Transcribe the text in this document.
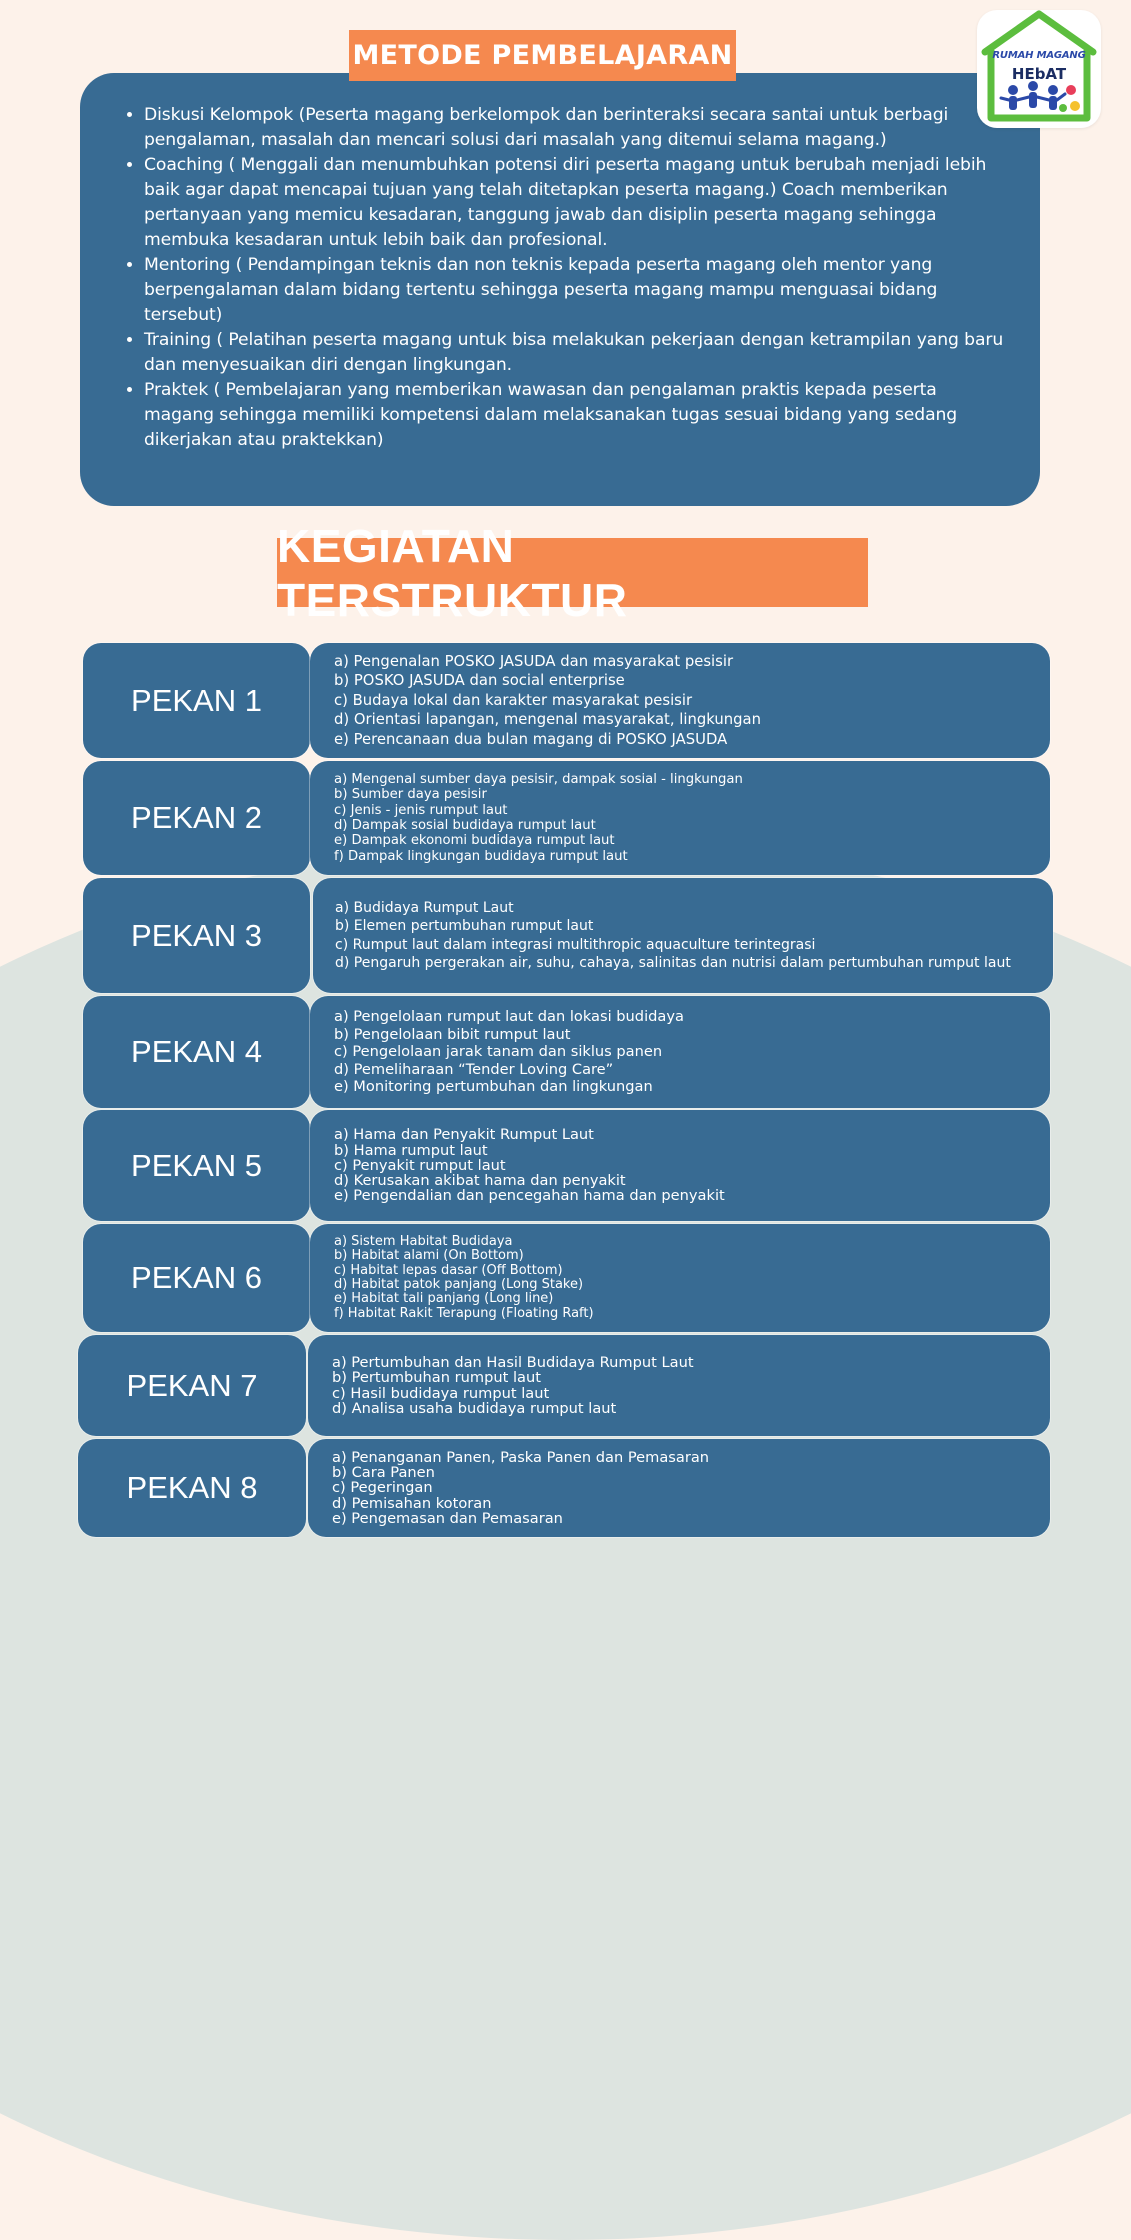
RUMAH MAGANG
HEbAT
METODE PEMBELAJARAN
• Diskusi Kelompok (Peserta magang berkelompok dan berinteraksi secara santai untuk berbagi pengalaman, masalah dan mencari solusi dari masalah yang ditemui selama magang.)
• Coaching ( Menggali dan menumbuhkan potensi diri peserta magang untuk berubah menjadi lebih baik agar dapat mencapai tujuan yang telah ditetapkan peserta magang.) Coach memberikan pertanyaan yang memicu kesadaran, tanggung jawab dan disiplin peserta magang sehingga membuka kesadaran untuk lebih baik dan profesional.
• Mentoring ( Pendampingan teknis dan non teknis kepada peserta magang oleh mentor yang berpengalaman dalam bidang tertentu sehingga peserta magang mampu menguasai bidang tersebut)
• Training ( Pelatihan peserta magang untuk bisa melakukan pekerjaan dengan ketrampilan yang baru dan menyesuaikan diri dengan lingkungan.
• Praktek ( Pembelajaran yang memberikan wawasan dan pengalaman praktis kepada peserta magang sehingga memiliki kompetensi dalam melaksanakan tugas sesuai bidang yang sedang dikerjakan atau praktekkan)
KEGIATAN TERSTRUKTUR
PEKAN 1
a) Pengenalan POSKO JASUDA dan masyarakat pesisir
b) POSKO JASUDA dan social enterprise
c) Budaya lokal dan karakter masyarakat pesisir
d) Orientasi lapangan, mengenal masyarakat, lingkungan
e) Perencanaan dua bulan magang di POSKO JASUDA
PEKAN 2
a) Mengenal sumber daya pesisir, dampak sosial - lingkungan
b) Sumber daya pesisir
c) Jenis - jenis rumput laut
d) Dampak sosial budidaya rumput laut
e) Dampak ekonomi budidaya rumput laut
f) Dampak lingkungan budidaya rumput laut
PEKAN 3
a) Budidaya Rumput Laut
b) Elemen pertumbuhan rumput laut
c) Rumput laut dalam integrasi multithropic aquaculture terintegrasi
d) Pengaruh pergerakan air, suhu, cahaya, salinitas dan nutrisi dalam pertumbuhan rumput laut
PEKAN 4
a) Pengelolaan rumput laut dan lokasi budidaya
b) Pengelolaan bibit rumput laut
c) Pengelolaan jarak tanam dan siklus panen
d) Pemeliharaan “Tender Loving Care”
e) Monitoring pertumbuhan dan lingkungan
PEKAN 5
a) Hama dan Penyakit Rumput Laut
b) Hama rumput laut
c) Penyakit rumput laut
d) Kerusakan akibat hama dan penyakit
e) Pengendalian dan pencegahan hama dan penyakit
PEKAN 6
a) Sistem Habitat Budidaya
b) Habitat alami (On Bottom)
c) Habitat lepas dasar (Off Bottom)
d) Habitat patok panjang (Long Stake)
e) Habitat tali panjang (Long line)
f) Habitat Rakit Terapung (Floating Raft)
PEKAN 7
a) Pertumbuhan dan Hasil Budidaya Rumput Laut
b) Pertumbuhan rumput laut
c) Hasil budidaya rumput laut
d) Analisa usaha budidaya rumput laut
PEKAN 8
a) Penanganan Panen, Paska Panen dan Pemasaran
b) Cara Panen
c) Pegeringan
d) Pemisahan kotoran
e) Pengemasan dan Pemasaran
